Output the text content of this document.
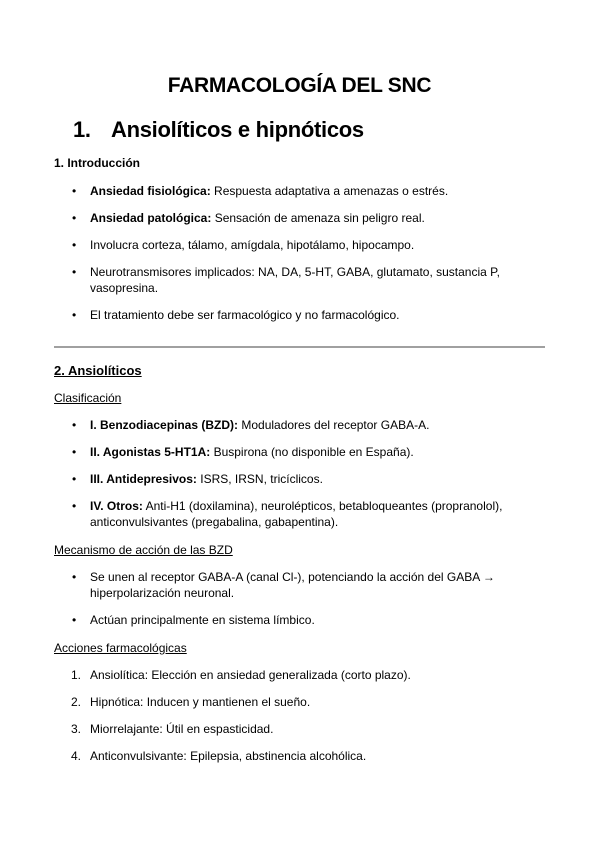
FARMACOLOGÍA DEL SNC
1. Ansiolíticos e hipnóticos
1. Introducción
• Ansiedad fisiológica: Respuesta adaptativa a amenazas o estrés.
• Ansiedad patológica: Sensación de amenaza sin peligro real.
• Involucra corteza, tálamo, amígdala, hipotálamo, hipocampo.
• Neurotransmisores implicados: NA, DA, 5-HT, GABA, glutamato, sustancia P, vasopresina.
• El tratamiento debe ser farmacológico y no farmacológico.
2. Ansiolíticos
Clasificación
• I. Benzodiacepinas (BZD): Moduladores del receptor GABA-A.
• II. Agonistas 5-HT1A: Buspirona (no disponible en España).
• III. Antidepresivos: ISRS, IRSN, tricíclicos.
• IV. Otros: Anti-H1 (doxilamina), neurolépticos, betabloqueantes (propranolol), anticonvulsivantes (pregabalina, gabapentina).
Mecanismo de acción de las BZD
• Se unen al receptor GABA-A (canal Cl-), potenciando la acción del GABA → hiperpolarización neuronal.
• Actúan principalmente en sistema límbico.
Acciones farmacológicas
1. Ansiolítica: Elección en ansiedad generalizada (corto plazo).
2. Hipnótica: Inducen y mantienen el sueño.
3. Miorrelajante: Útil en espasticidad.
4. Anticonvulsivante: Epilepsia, abstinencia alcohólica.
